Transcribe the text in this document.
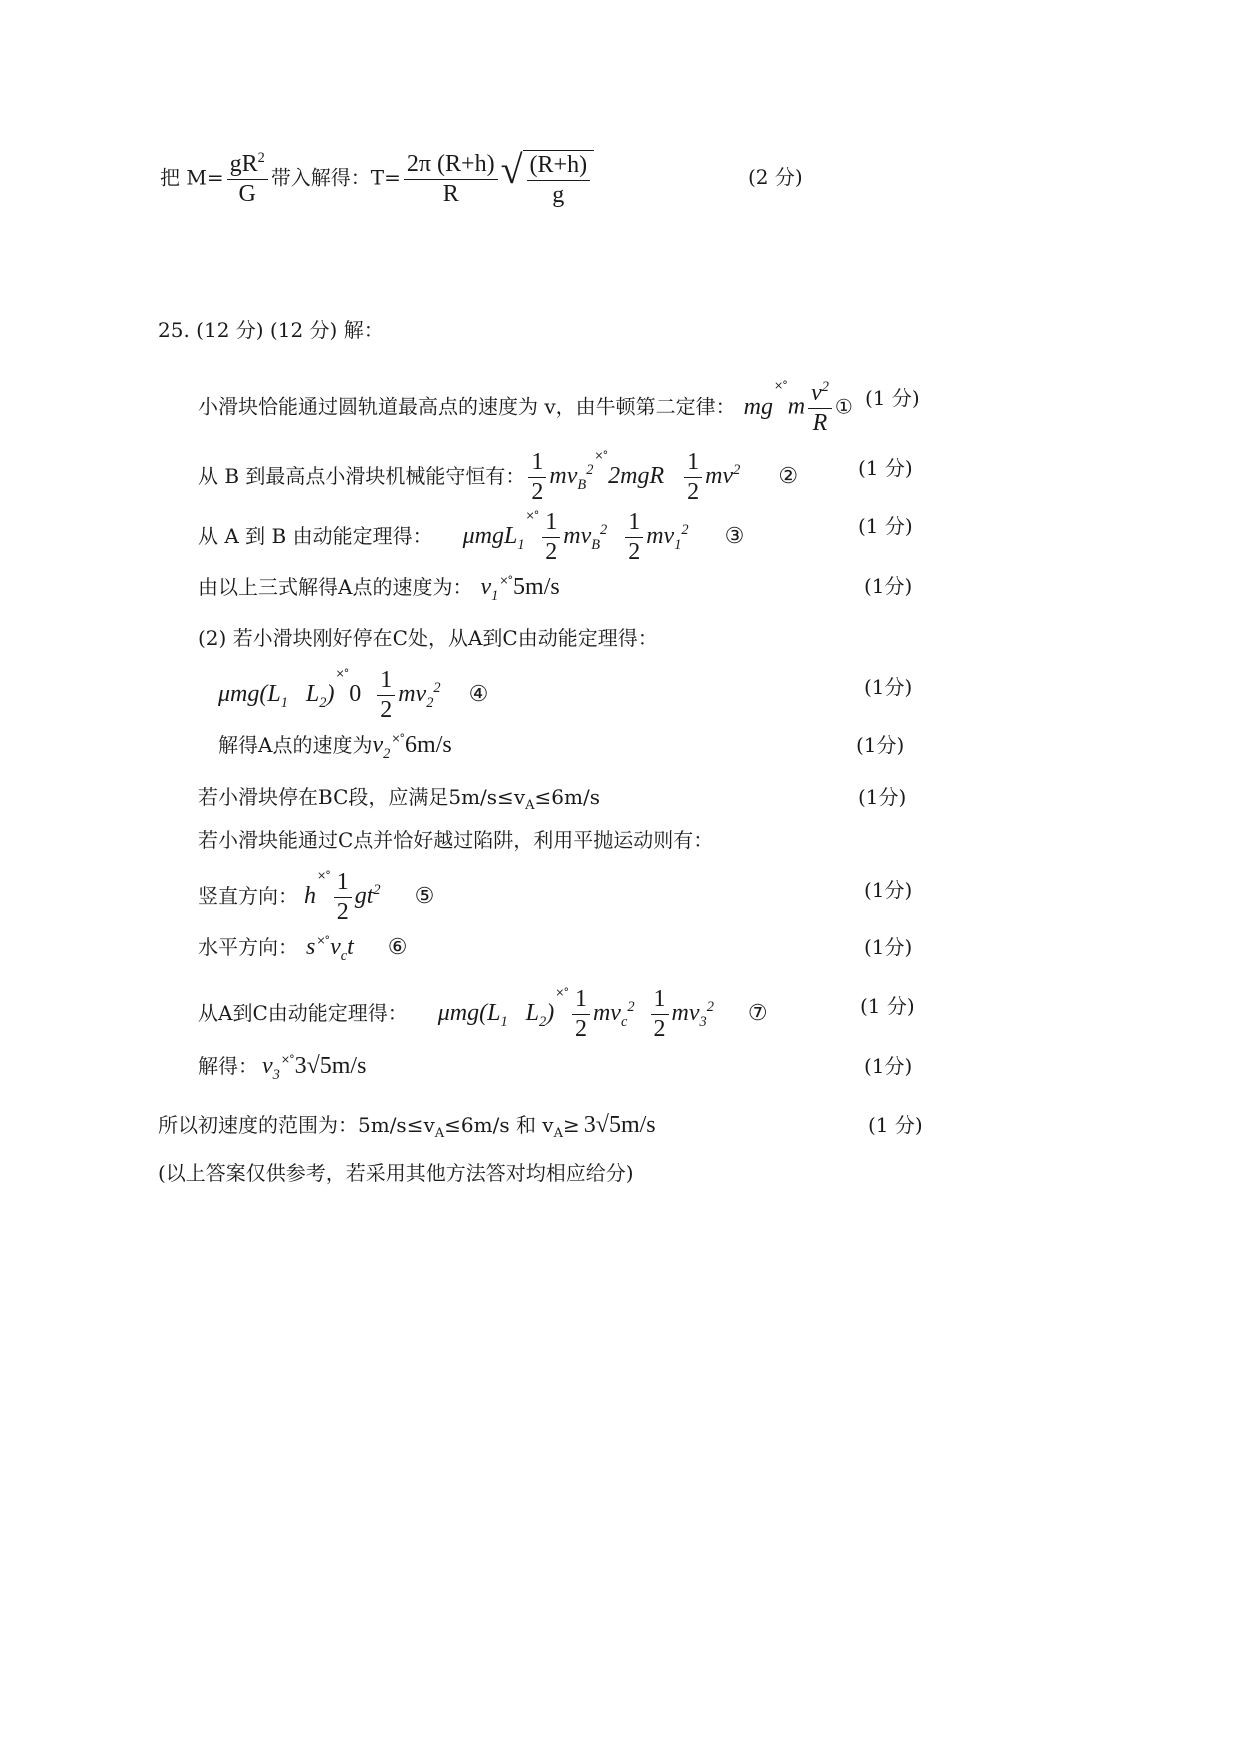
把 $M= \frac{gR^2}{G}$ 带入解得：$T= \frac{2\pi (R+h)}{R}$ √ $\frac{(R+h)}{g}$	(2 分)
25. (12 分) (12 分) 解：
小滑块恰能通过圆轨道最高点的速度为 v，由牛顿第二定律： $mg\times^\circ m \frac{v^2}{R}$ ① (1 分)
从 B 到最高点小滑块机械能守恒有： $\frac{1}{2} mv_B^2\times^\circ 2mgR \frac{1}{2} mv^2$ ②	(1 分)
从 A 到 B 由动能定理得： $\mu mgL_1\times^\circ \frac{1}{2} mv_B^2 \frac{1}{2} mv_1^2$ ③	(1 分)
由以上三式解得A点的速度为： $v_1\times^\circ 5m/s$	(1分)
(2) 若小滑块刚好停在C处，从A到C由动能定理得：
$\mu mg(L_1$   $L_2)\times^\circ 0 \frac{1}{2} mv_2^2$ ④	(1分)
解得A点的速度为$v_2\times^\circ 6m/s$	(1分)
若小滑块停在BC段，应满足$5m/s\le v_A\le 6m/s$	(1分)
若小滑块能通过C点并恰好越过陷阱，利用平抛运动则有：
竖直方向： $h\times^\circ \frac{1}{2} gt^2$ ⑤	(1分)
水平方向： $s\times^\circ v_ct$ ⑥	(1分)
从A到C由动能定理得： $\mu mg(L_1$   $L_2)\times^\circ \frac{1}{2} mv_c^2 \frac{1}{2} mv_3^2$ ⑦	(1 分)
解得： $v_3\times^\circ 3√5m/s$	(1分)
所以初速度的范围为：$5m/s\le v_A\le 6m/s$ 和 $v_A\ge 3√5m/s$	(1 分)
(以上答案仅供参考，若采用其他方法答对均相应给分)
